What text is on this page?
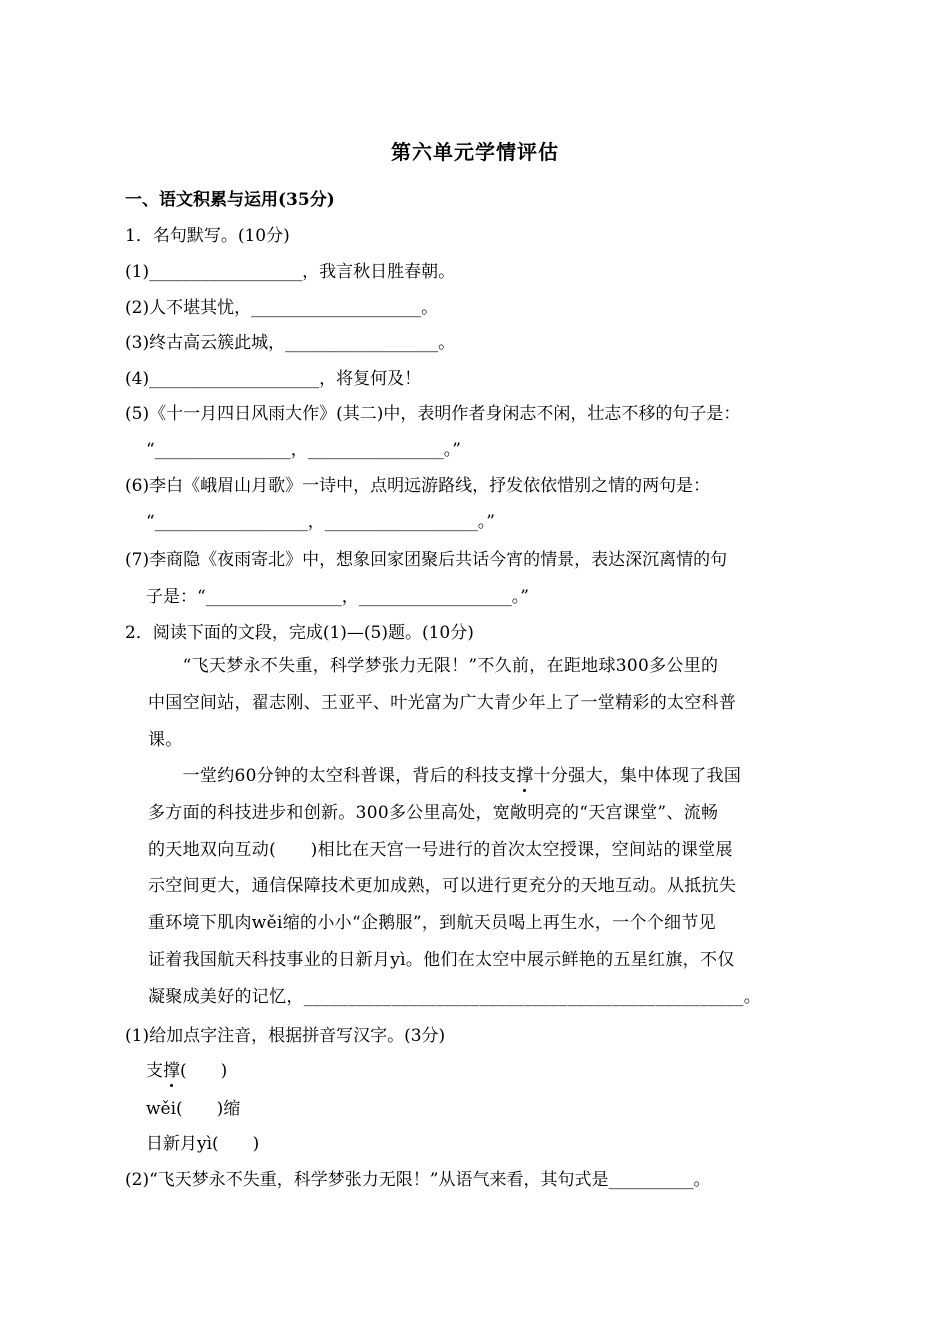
第六单元学情评估
一、语文积累与运用(35分)
1．名句默写。(10分)
(1)__________________，我言秋日胜春朝。
(2)人不堪其忧，____________________。
(3)终古高云簇此城，__________________。
(4)____________________，将复何及！
(5)《十一月四日风雨大作》(其二)中，表明作者身闲志不闲，壮志不移的句子是：
“________________，________________。”
(6)李白《峨眉山月歌》一诗中，点明远游路线，抒发依依惜别之情的两句是：
“__________________，__________________。”
(7)李商隐《夜雨寄北》中，想象回家团聚后共话今宵的情景，表达深沉离情的句
子是：“________________，__________________。”
2．阅读下面的文段，完成(1)—(5)题。(10分)
　　“飞天梦永不失重，科学梦张力无限！”不久前，在距地球300多公里的
中国空间站，翟志刚、王亚平、叶光富为广大青少年上了一堂精彩的太空科普
课。
　　一堂约60分钟的太空科普课，背后的科技支撑十分强大，集中体现了我国
多方面的科技进步和创新。300多公里高处，宽敞明亮的“天宫课堂”、流畅
的天地双向互动(　　)相比在天宫一号进行的首次太空授课，空间站的课堂展
示空间更大，通信保障技术更加成熟，可以进行更充分的天地互动。从抵抗失
重环境下肌肉wěi缩的小小“企鹅服”，到航天员喝上再生水，一个个细节见
证着我国航天科技事业的日新月yì。他们在太空中展示鲜艳的五星红旗，不仅
凝聚成美好的记忆，__________________________________________________。
(1)给加点字注音，根据拼音写汉字。(3分)
支撑(　　)
wěi(　　)缩
日新月yì(　　)
(2)“飞天梦永不失重，科学梦张力无限！”从语气来看，其句式是__________。
